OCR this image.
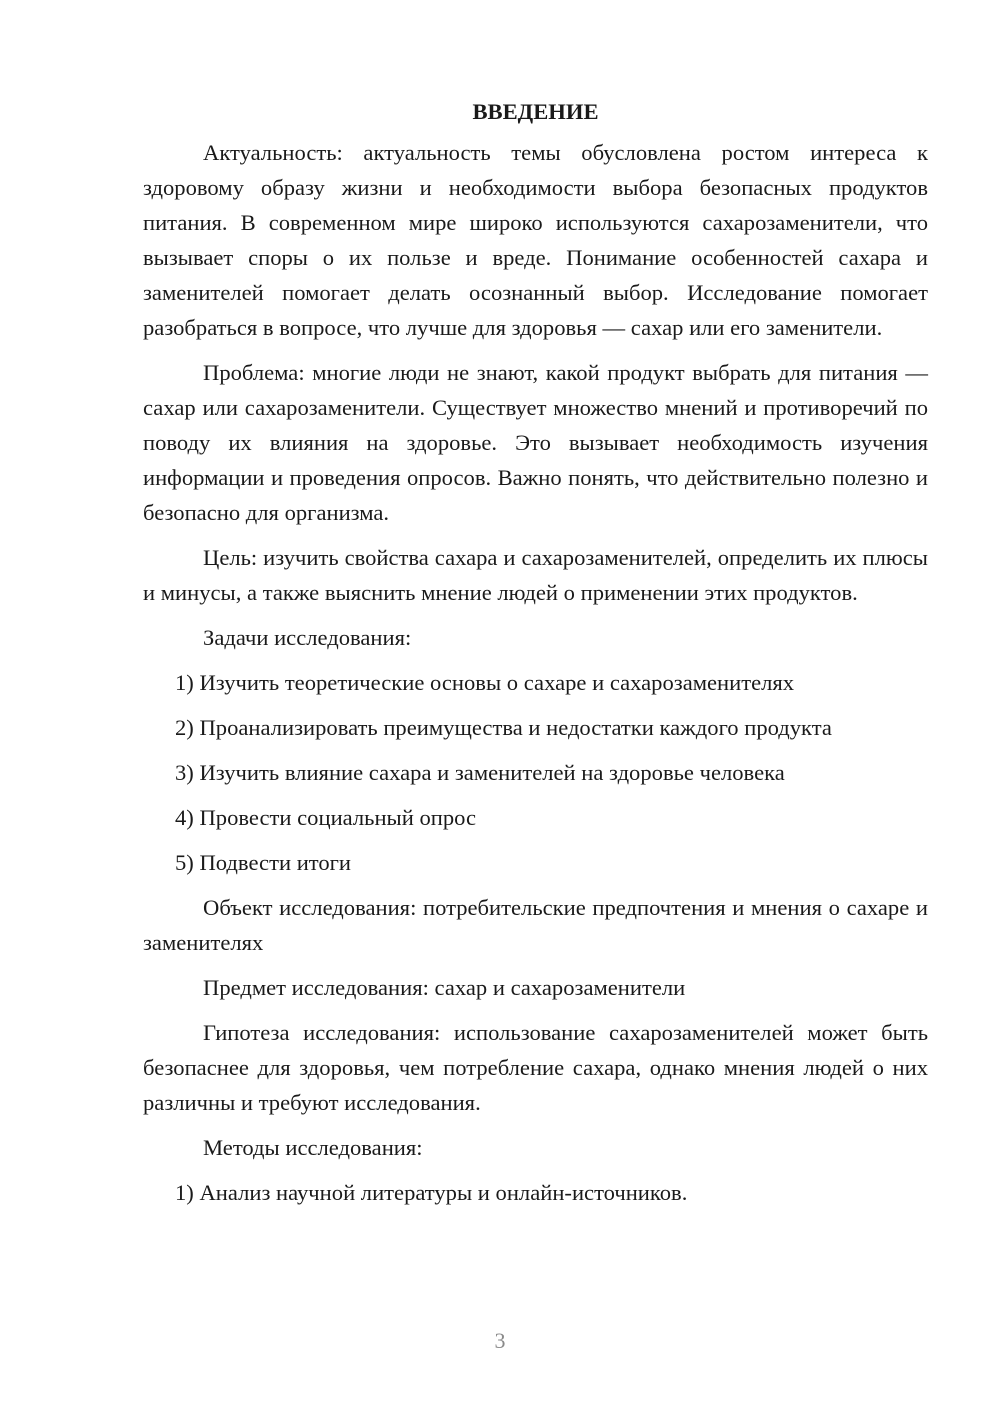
ВВЕДЕНИЕ

Актуальность: актуальность темы обусловлена ростом интереса к здоровому образу жизни и необходимости выбора безопасных продуктов питания. В современном мире широко используются сахарозаменители, что вызывает споры о их пользе и вреде. Понимание особенностей сахара и заменителей помогает делать осознанный выбор. Исследование помогает разобраться в вопросе, что лучше для здоровья — сахар или его заменители.

Проблема: многие люди не знают, какой продукт выбрать для питания — сахар или сахарозаменители. Существует множество мнений и противоречий по поводу их влияния на здоровье. Это вызывает необходимость изучения информации и проведения опросов. Важно понять, что действительно полезно и безопасно для организма.

Цель: изучить свойства сахара и сахарозаменителей, определить их плюсы и минусы, а также выяснить мнение людей о применении этих продуктов.

Задачи исследования:

1) Изучить теоретические основы о сахаре и сахарозаменителях
2) Проанализировать преимущества и недостатки каждого продукта
3) Изучить влияние сахара и заменителей на здоровье человека
4) Провести социальный опрос
5) Подвести итоги

Объект исследования: потребительские предпочтения и мнения о сахаре и заменителях

Предмет исследования: сахар и сахарозаменители

Гипотеза исследования: использование сахарозаменителей может быть безопаснее для здоровья, чем потребление сахара, однако мнения людей о них различны и требуют исследования.

Методы исследования:

1) Анализ научной литературы и онлайн-источников.
3
